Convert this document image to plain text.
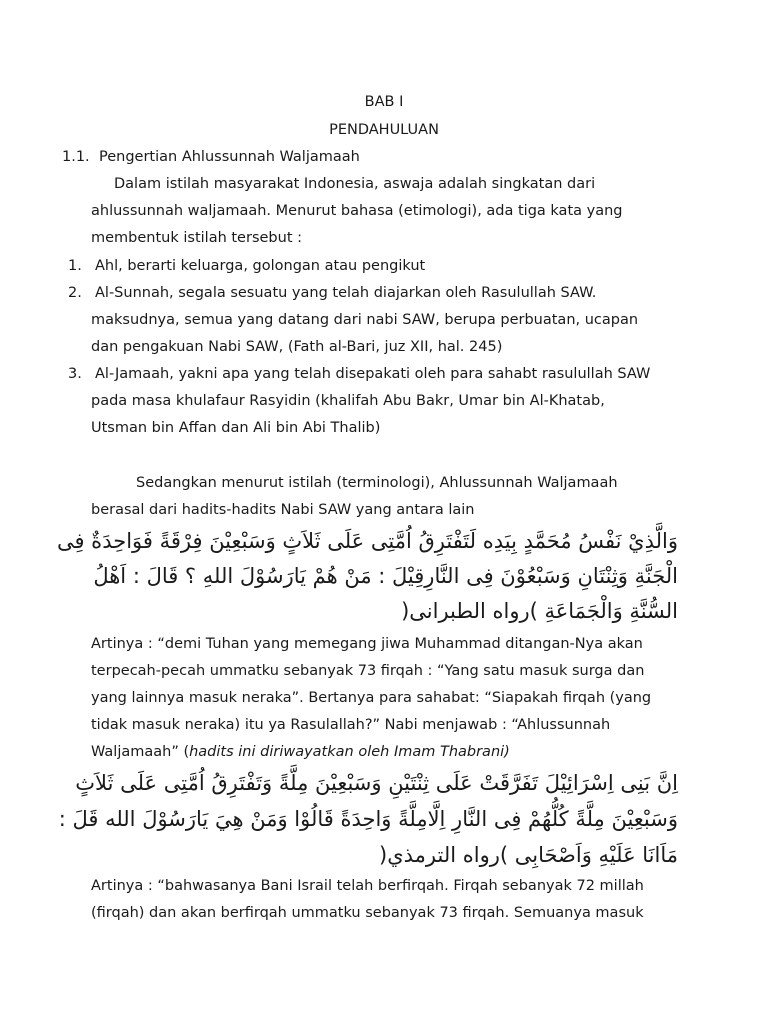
BAB I
PENDAHULUAN
1.1. Pengertian Ahlussunnah Waljamaah
Dalam istilah masyarakat Indonesia, aswaja adalah singkatan dari
ahlussunnah waljamaah. Menurut bahasa (etimologi), ada tiga kata yang
membentuk istilah tersebut :
1. Ahl, berarti keluarga, golongan atau pengikut
2. Al-Sunnah, segala sesuatu yang telah diajarkan oleh Rasulullah SAW.
maksudnya, semua yang datang dari nabi SAW, berupa perbuatan, ucapan
dan pengakuan Nabi SAW, (Fath al-Bari, juz XII, hal. 245)
3. Al-Jamaah, yakni apa yang telah disepakati oleh para sahabt rasulullah SAW
pada masa khulafaur Rasyidin (khalifah Abu Bakr, Umar bin Al-Khatab,
Utsman bin Affan dan Ali bin Abi Thalib)
Sedangkan menurut istilah (terminologi), Ahlussunnah Waljamaah
berasal dari hadits-hadits Nabi SAW yang antara lain
وَالَّذِيْ نَفْسُ مُحَمَّدٍ بِيَدِه لَتَفْتَرِقُ اُمَّتِى عَلَى ثَلاَثٍ وَسَبْعِيْنَ فِرْقَةً فَوَاحِدَةٌ فِى
الْجَنَّةِ وَثِنْتَانِ وَسَبْعُوْنَ فِى النَّارِقِيْلَ : مَنْ هُمْ يَارَسُوْلَ اللهِ ؟ قَالَ : اَهْلُ
السُّنَّةِ وَالْجَمَاعَةِ )رواه الطبرانى(
Artinya : “demi Tuhan yang memegang jiwa Muhammad ditangan-Nya akan
terpecah-pecah ummatku sebanyak 73 firqah : “Yang satu masuk surga dan
yang lainnya masuk neraka”. Bertanya para sahabat: “Siapakah firqah (yang
tidak masuk neraka) itu ya Rasulallah?” Nabi menjawab : “Ahlussunnah
Waljamaah” (hadits ini diriwayatkan oleh Imam Thabrani)
اِنَّ بَنِى اِسْرَائِيْلَ تَفَرَّقَتْ عَلَى ثِنْتَيْنِ وَسَبْعِيْنَ مِلَّةً وَتَفْتَرِقُ اُمَّتِى عَلَى ثَلاَثٍ
وَسَبْعِيْنَ مِلَّةً كُلُّهُمْ فِى النَّارِ اِلَّامِلَّةً وَاحِدَةً قَالُوْا وَمَنْ هِيَ يَارَسُوْلَ الله قَلَ :
مَاَانَا عَلَيْهِ وَاَصْحَابِى )رواه الترمذي(
Artinya : “bahwasanya Bani Israil telah berfirqah. Firqah sebanyak 72 millah
(firqah) dan akan berfirqah ummatku sebanyak 73 firqah. Semuanya masuk
